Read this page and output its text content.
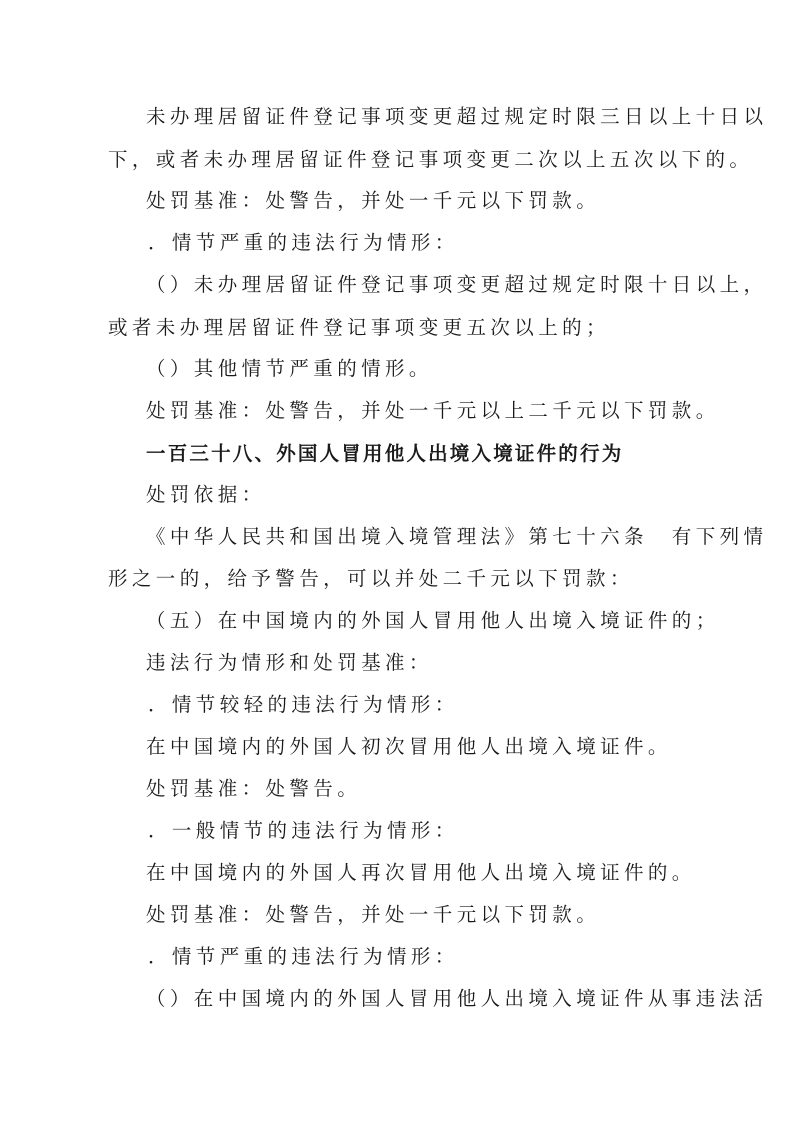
未办理居留证件登记事项变更超过规定时限三日以上十日以
下，或者未办理居留证件登记事项变更二次以上五次以下的。
处罚基准：处警告，并处一千元以下罚款。
．情节严重的违法行为情形：
（）未办理居留证件登记事项变更超过规定时限十日以上，
或者未办理居留证件登记事项变更五次以上的；
（）其他情节严重的情形。
处罚基准：处警告，并处一千元以上二千元以下罚款。
一百三十八、外国人冒用他人出境入境证件的行为
处罚依据：
《中华人民共和国出境入境管理法》第七十六条　有下列情
形之一的，给予警告，可以并处二千元以下罚款：
（五）在中国境内的外国人冒用他人出境入境证件的；
违法行为情形和处罚基准：
．情节较轻的违法行为情形：
在中国境内的外国人初次冒用他人出境入境证件。
处罚基准：处警告。
．一般情节的违法行为情形：
在中国境内的外国人再次冒用他人出境入境证件的。
处罚基准：处警告，并处一千元以下罚款。
．情节严重的违法行为情形：
（）在中国境内的外国人冒用他人出境入境证件从事违法活
